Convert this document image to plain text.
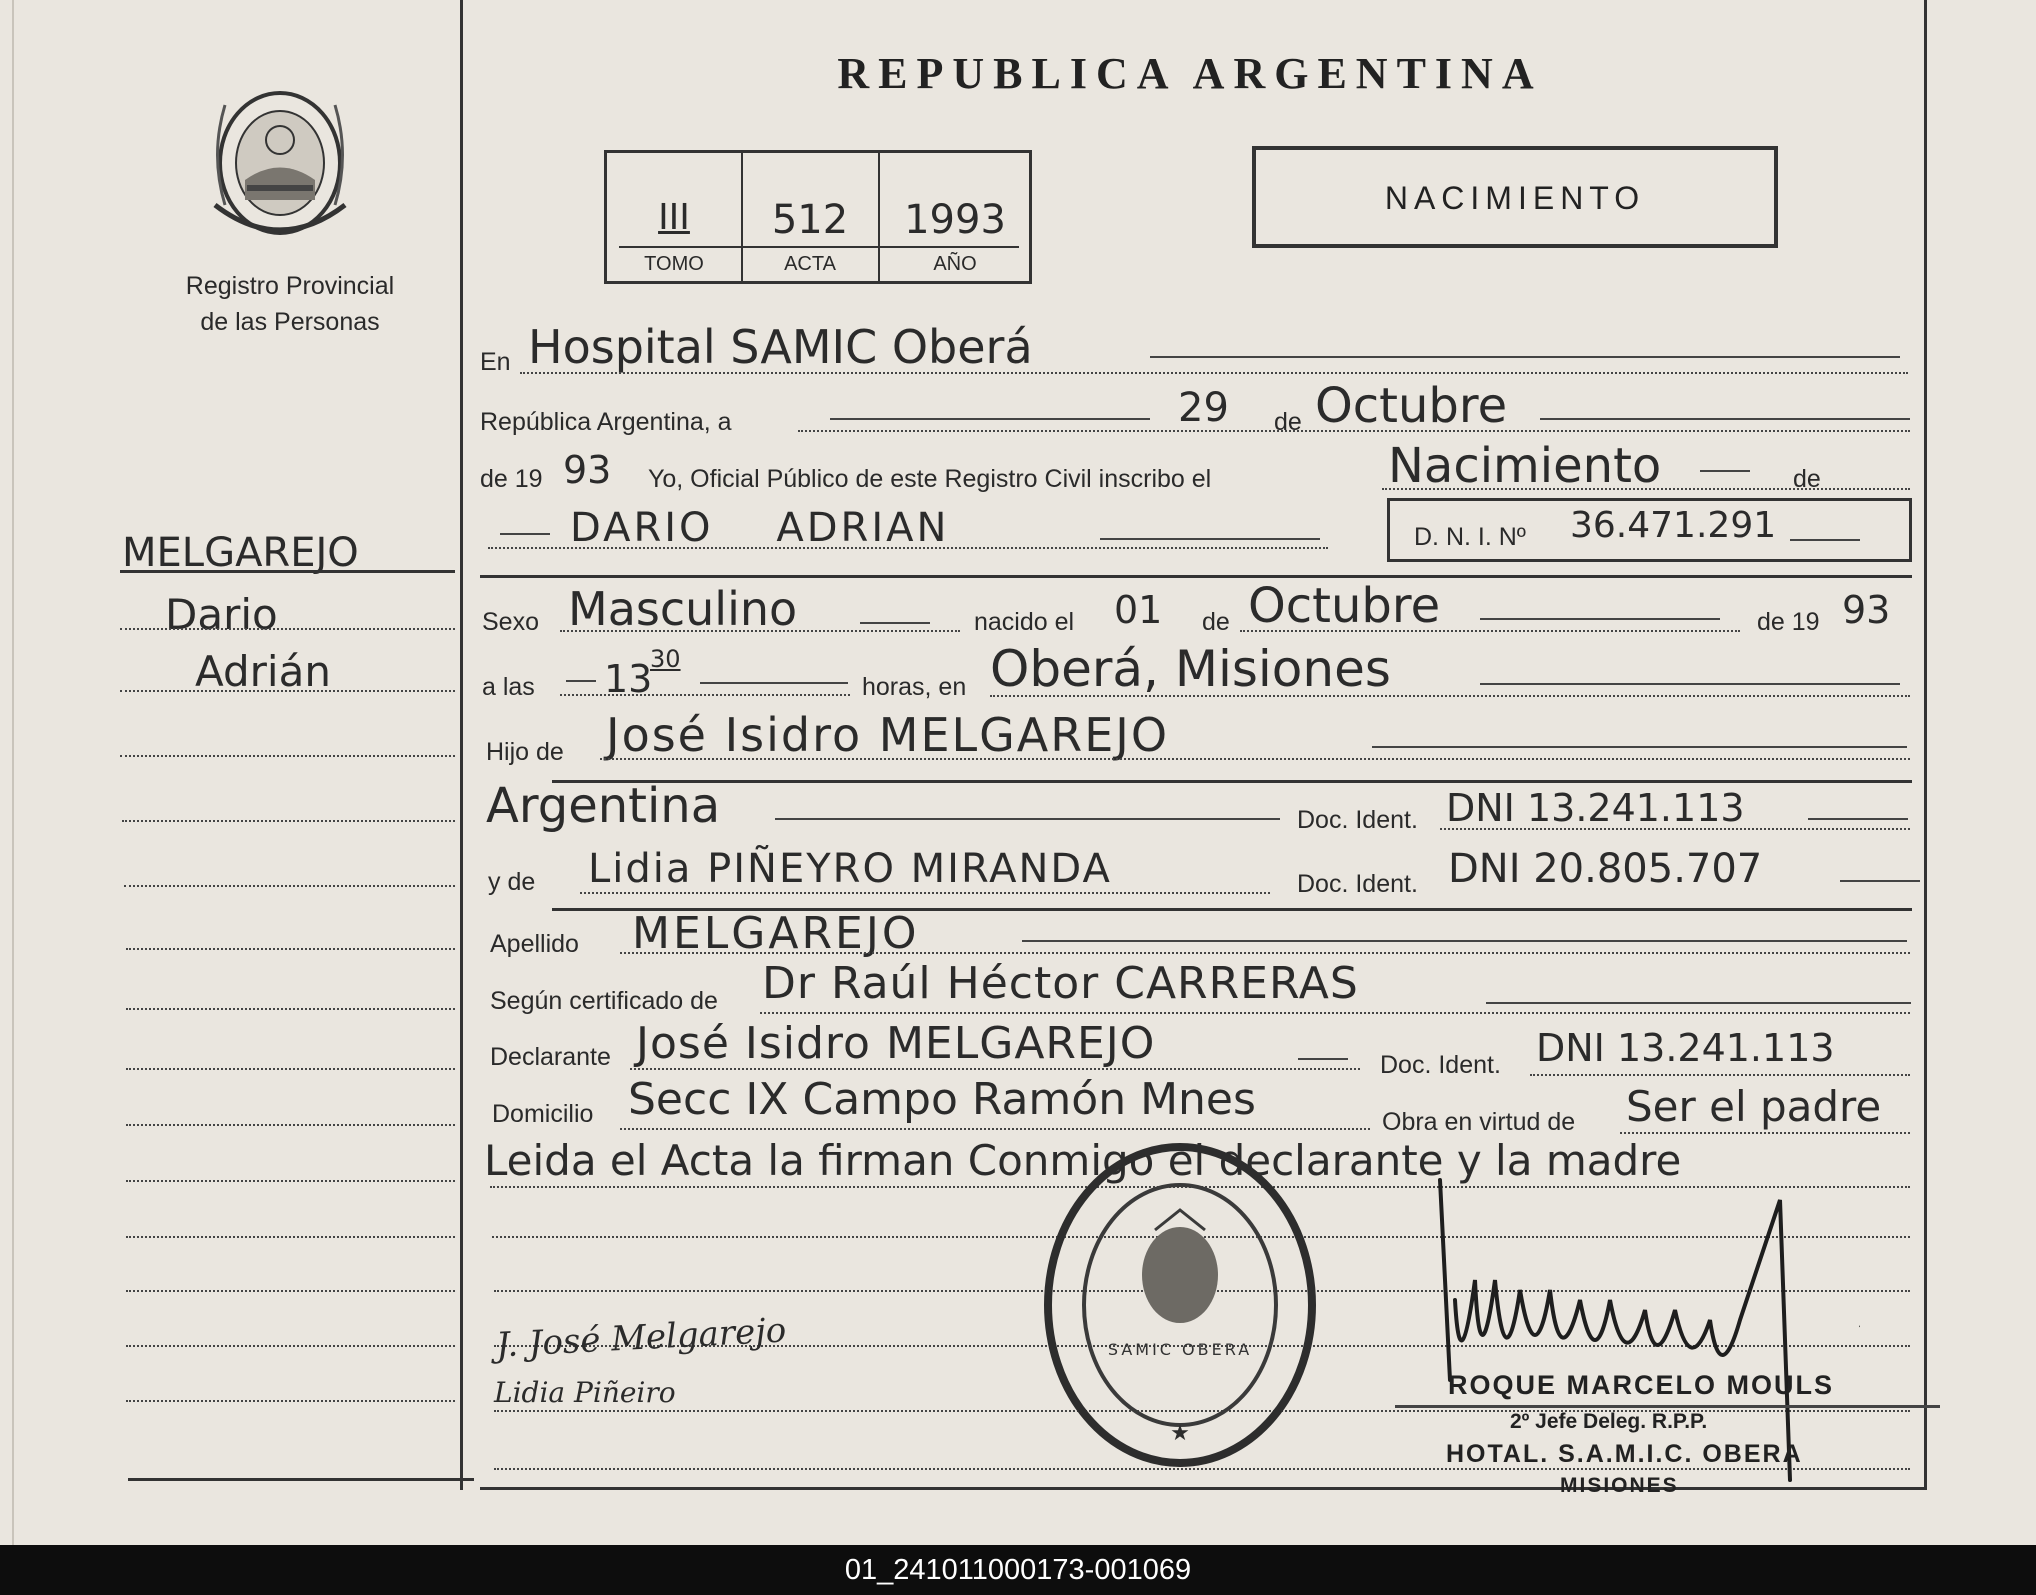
Registro Provincial
de las Personas
REPUBLICA ARGENTINA
III	512	1993
TOMO	ACTA	AÑO
NACIMIENTO
MELGAREJO
Dario
Adrián
En Hospital SAMIC Oberá
República Argentina, a	29 de Octubre
de 19 93 Yo, Oficial Público de este Registro Civil inscribo el	Nacimiento	de
DARIO    ADRIAN	D. N. I. Nº 36.471.291
Sexo Masculino	nacido el 01 de Octubre	de 19 93
a las 13
30
horas, en Oberá, Misiones
Hijo de José Isidro MELGAREJO
Argentina	Doc. Ident. DNI 13.241.113
y de Lidia PIÑEYRO MIRANDA	Doc. Ident. DNI 20.805.707
Apellido MELGAREJO
Según certificado de Dr Raúl Héctor CARRERAS
Declarante José Isidro MELGAREJO	Doc. Ident. DNI 13.241.113
Domicilio Secc IX Campo Ramón Mnes	Obra en virtud de Ser el padre
Leida el Acta la firman Conmigo el declarante y la madre
★
SAMIC OBERA
J. José Melgarejo
Lidia Piñeiro	ROQUE MARCELO MOULS
2º Jefe Deleg. R.P.P.
HOTAL. S.A.M.I.C. OBERA
MISIONES
01_241011000173-001069
